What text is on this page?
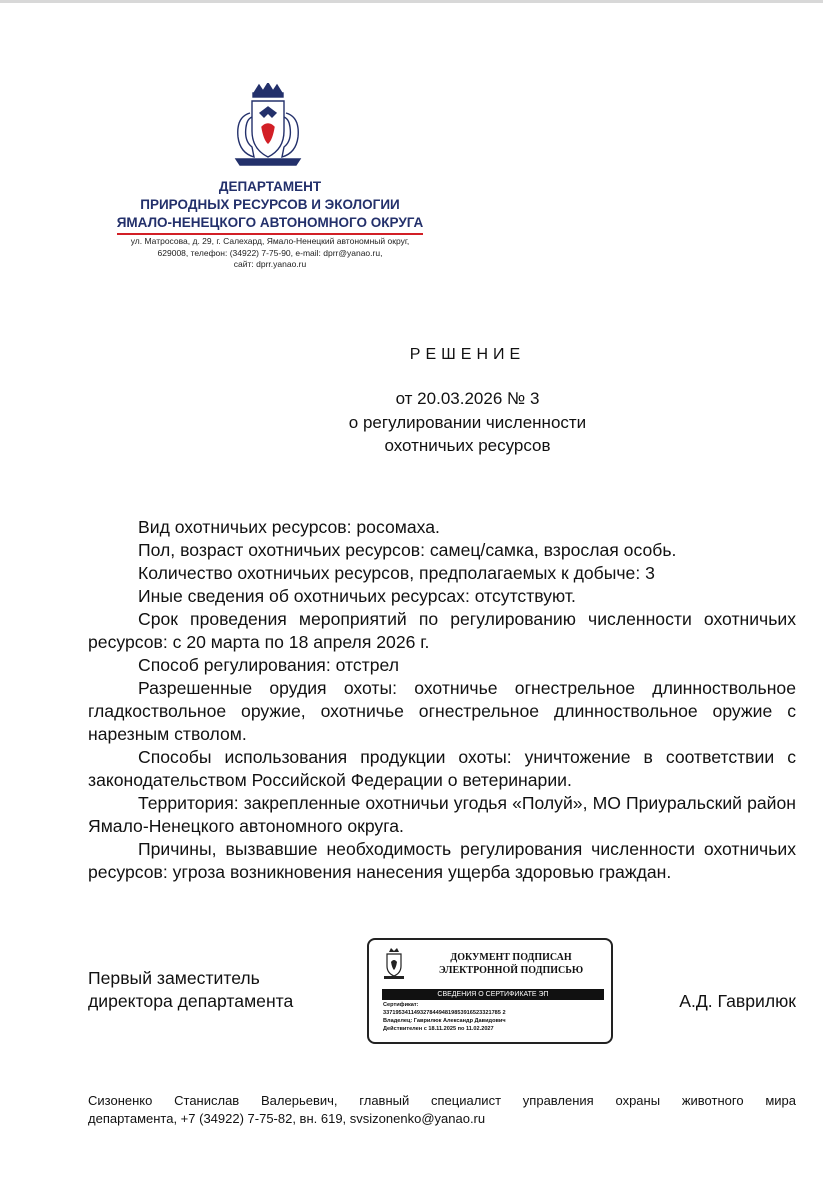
ДЕПАРТАМЕНТ
ПРИРОДНЫХ РЕСУРСОВ И ЭКОЛОГИИ
ЯМАЛО-НЕНЕЦКОГО АВТОНОМНОГО ОКРУГА
ул. Матросова, д. 29, г. Салехард, Ямало-Ненецкий автономный округ,
629008, телефон: (34922) 7-75-90, e-mail: dprr@yanao.ru,
сайт: dprr.yanao.ru
РЕШЕНИЕ
от 20.03.2026 № 3
о регулировании численности
охотничьих ресурсов

Вид охотничьих ресурсов: росомаха.

Пол, возраст охотничьих ресурсов: самец/самка, взрослая особь.

Количество охотничьих ресурсов, предполагаемых к добыче: 3

Иные сведения об охотничьих ресурсах: отсутствуют.

Срок проведения мероприятий по регулированию численности охотничьих ресурсов: с 20 марта по 18 апреля 2026 г.

Способ регулирования: отстрел

Разрешенные орудия охоты: охотничье огнестрельное длинноствольное гладкоствольное оружие, охотничье огнестрельное длинноствольное оружие с нарезным стволом.

Способы использования продукции охоты: уничтожение в соответствии с законодательством Российской Федерации о ветеринарии.

Территория: закрепленные охотничьи угодья «Полуй», МО Приуральский район Ямало-Ненецкого автономного округа.

Причины, вызвавшие необходимость регулирования численности охотничьих ресурсов: угроза возникновения нанесения ущерба здоровью граждан.

Первый заместитель
директора департамента
ДОКУМЕНТ ПОДПИСАН
ЭЛЕКТРОННОЙ ПОДПИСЬЮ
СВЕДЕНИЯ О СЕРТИФИКАТЕ ЭП
Сертификат:
33719534114932784494819853916523321785 2
Владелец: Гаврилюк Александр Давидович
Действителен с 18.11.2025 по 11.02.2027
А.Д. Гаврилюк
Сизоненко Станислав Валерьевич, главный специалист управления охраны животного мира
департамента, +7 (34922) 7-75-82, вн. 619, svsizonenko@yanao.ru
